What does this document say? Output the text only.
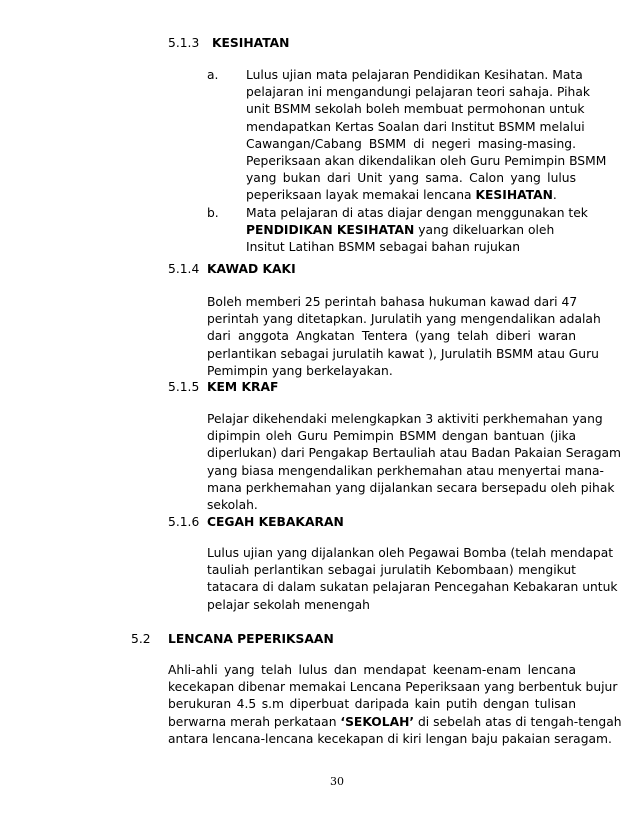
5.1.3 KESIHATAN
a. Lulus ujian mata pelajaran Pendidikan Kesihatan. Mata
pelajaran ini mengandungi pelajaran teori sahaja. Pihak
unit BSMM sekolah boleh membuat permohonan untuk
mendapatkan Kertas Soalan dari Institut BSMM melalui
Cawangan/Cabang BSMM di negeri masing-masing.
Peperiksaan akan dikendalikan oleh Guru Pemimpin BSMM
yang bukan dari Unit yang sama. Calon yang lulus
peperiksaan layak memakai lencana KESIHATAN.
b. Mata pelajaran di atas diajar dengan menggunakan tek
PENDIDIKAN KESIHATAN yang dikeluarkan oleh
Insitut Latihan BSMM sebagai bahan rujukan
5.1.4 KAWAD KAKI
Boleh memberi 25 perintah bahasa hukuman kawad dari 47
perintah yang ditetapkan. Jurulatih yang mengendalikan adalah
dari anggota Angkatan Tentera (yang telah diberi waran
perlantikan sebagai jurulatih kawat ), Jurulatih BSMM atau Guru
Pemimpin yang berkelayakan.
5.1.5 KEM KRAF
Pelajar dikehendaki melengkapkan 3 aktiviti perkhemahan yang
dipimpin oleh Guru Pemimpin BSMM dengan bantuan (jika
diperlukan) dari Pengakap Bertauliah atau Badan Pakaian Seragam
yang biasa mengendalikan perkhemahan atau menyertai mana-
mana perkhemahan yang dijalankan secara bersepadu oleh pihak
sekolah.
5.1.6 CEGAH KEBAKARAN
Lulus ujian yang dijalankan oleh Pegawai Bomba (telah mendapat
tauliah perlantikan sebagai jurulatih Kebombaan) mengikut
tatacara di dalam sukatan pelajaran Pencegahan Kebakaran untuk
pelajar sekolah menengah
5.2 LENCANA PEPERIKSAAN
Ahli-ahli yang telah lulus dan mendapat keenam-enam lencana
kecekapan dibenar memakai Lencana Peperiksaan yang berbentuk bujur
berukuran 4.5 s.m diperbuat daripada kain putih dengan tulisan
berwarna merah perkataan ‘SEKOLAH’ di sebelah atas di tengah-tengah
antara lencana-lencana kecekapan di kiri lengan baju pakaian seragam.
30
